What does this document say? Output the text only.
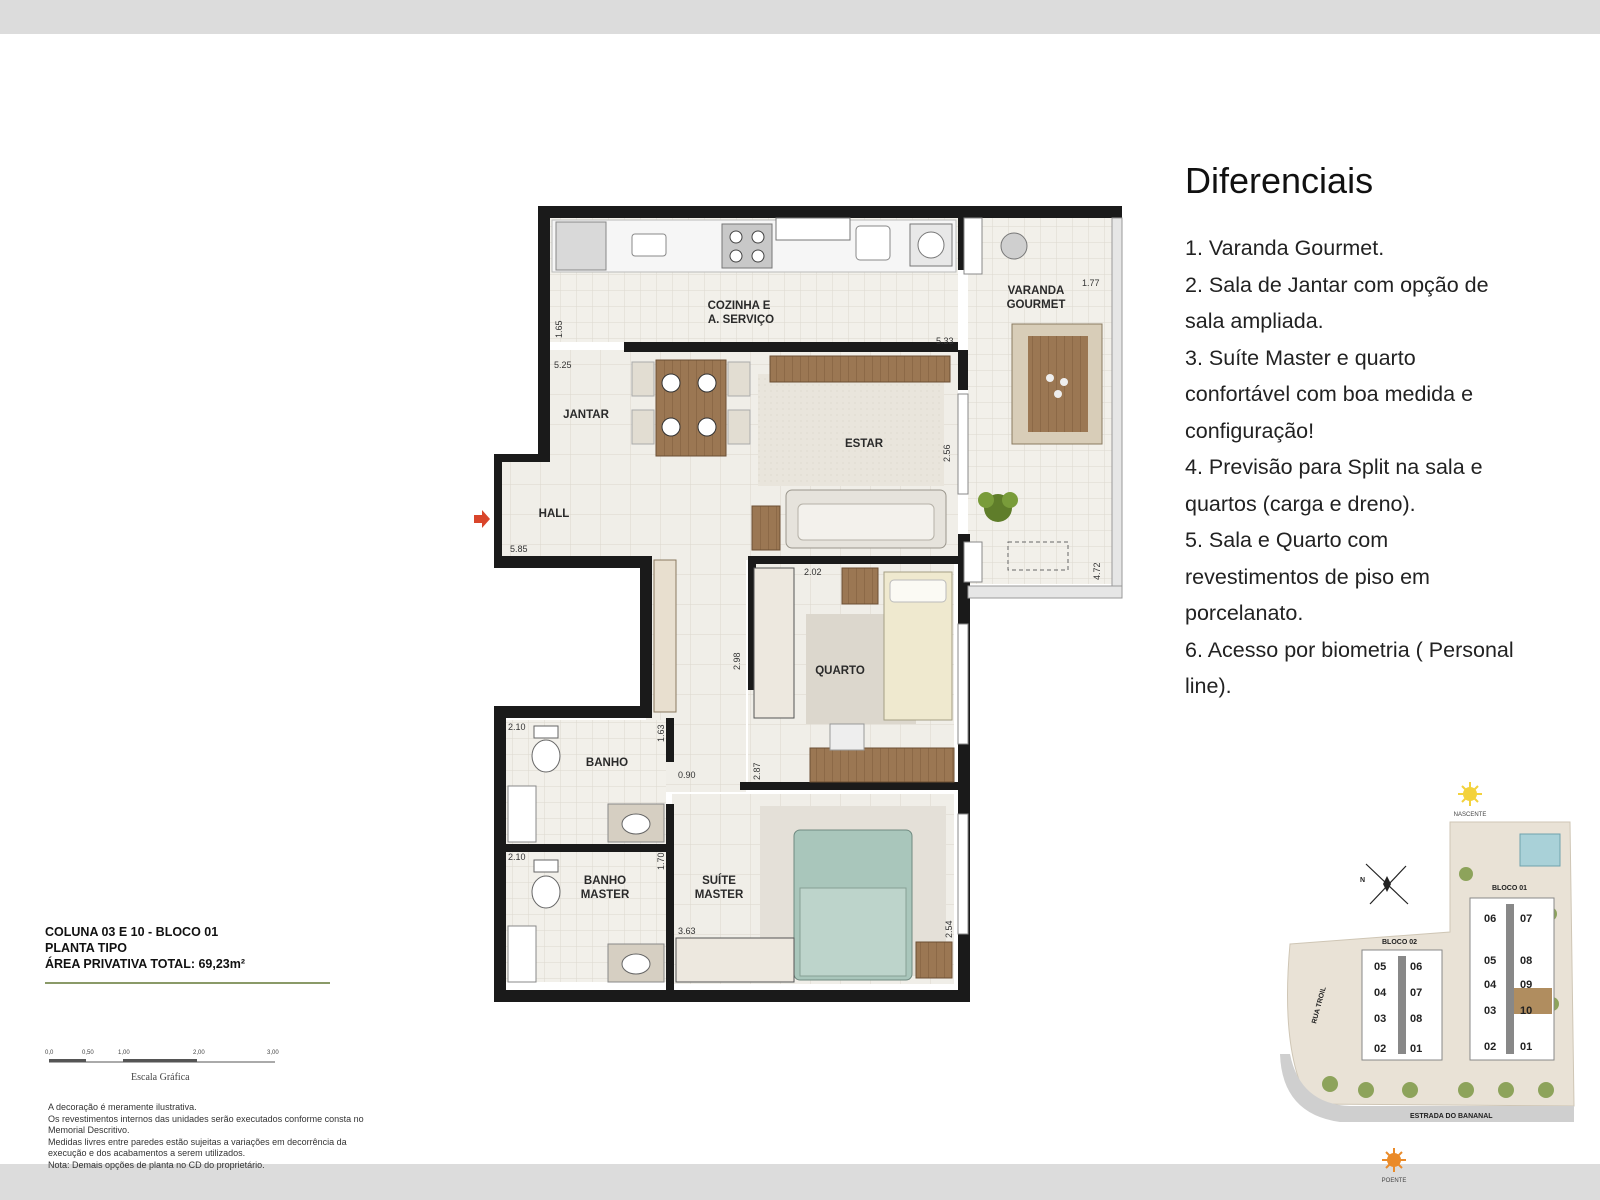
COZINHA E
A. SERVIÇO
VARANDA
GOURMET
JANTAR
ESTAR
HALL
QUARTO
BANHO
BANHO
MASTER
SUÍTE
MASTER
1.65
5.25
5.33
1.77
2.56
5.85
4.72
2.02
2.98
2.10	1.63
0.90	2.87
2.10	1.70
3.63	2.54
Diferenciais
1. Varanda Gourmet.
2. Sala de Jantar com opção de
sala ampliada.
3. Suíte Master e quarto
confortável com boa medida e
configuração!
4. Previsão para Split na sala e
quartos (carga e dreno).
5. Sala e Quarto com
revestimentos de piso em
porcelanato.
6. Acesso por biometria ( Personal
line).
COLUNA 03 E 10 - BLOCO 01
PLANTA TIPO
ÁREA PRIVATIVA TOTAL: 69,23m²
0,0	0,50	1,00	2,00	3,00
Escala Gráfica
A decoração é meramente ilustrativa.
Os revestimentos internos das unidades serão executados conforme consta no
Memorial Descritivo.
Medidas livres entre paredes estão sujeitas a variações em decorrência da
execução e dos acabamentos a serem utilizados.
Nota: Demais opções de planta no CD do proprietário.
NASCENTE
N
BLOCO 01
06 07
05 08
04 09
03 10
02 01
BLOCO 02
05 06
04 07
03 08
02 01
RUA TROIL
ESTRADA DO BANANAL
POENTE
